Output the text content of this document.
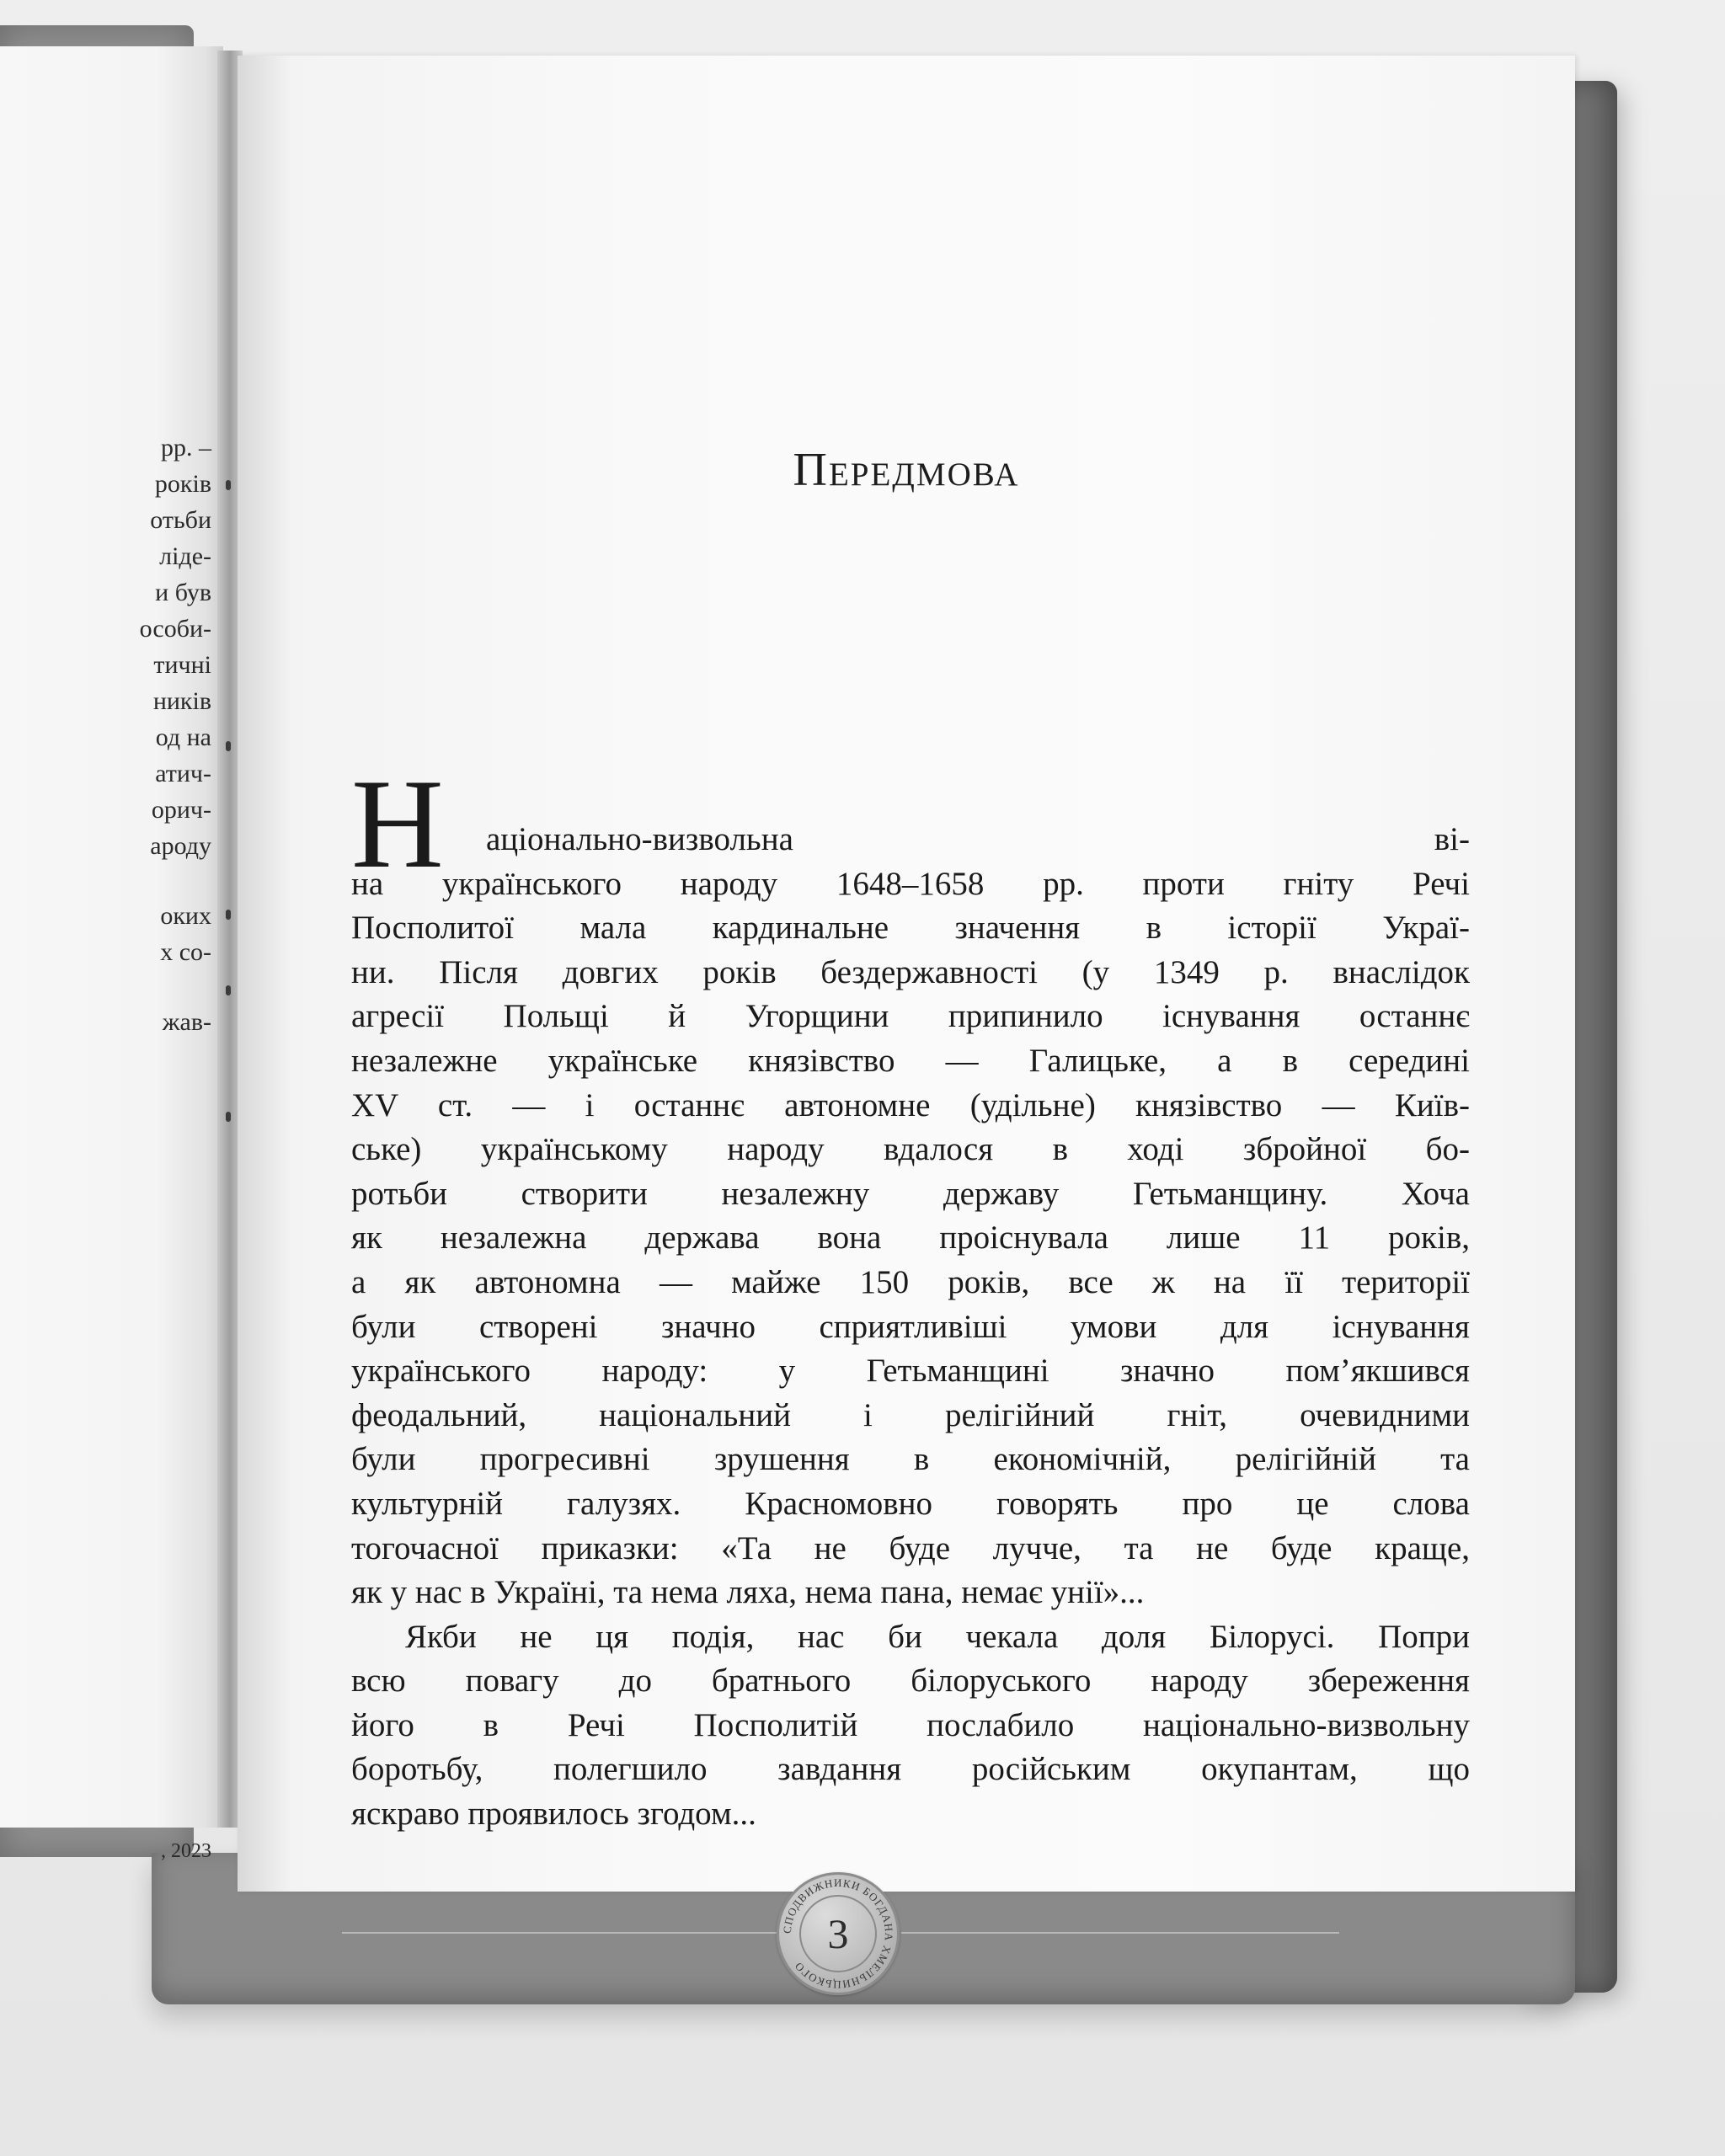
рр. –
років
отьби
ліде-
и був
особи-
тичні
ників
од на
атич-
орич-
ароду
оких
х со-
жав-
, 2023
Передмова
Н	аціонально-визвольна ві-
на українського народу 1648–1658 рр. проти гніту Речі
Посполитої мала кардинальне значення в історії Украї-
ни. Після довгих років бездержавності (у 1349 р. внаслідок
агресії Польщі й Угорщини припинило існування останнє
незалежне українське князівство — Галицьке, а в середині
XV ст. — і останнє автономне (удільне) князівство — Київ-
ське) українському народу вдалося в ході збройної бо-
ротьби створити незалежну державу Гетьманщину. Хоча
як незалежна держава вона проіснувала лише 11 років,
а як автономна — майже 150 років, все ж на її території
були створені значно сприятливіші умови для існування
українського народу: у Гетьманщині значно пом’якшився
феодальний, національний і релігійний гніт, очевидними
були прогресивні зрушення в економічній, релігійній та
культурній галузях. Красномовно говорять про це слова
тогочасної приказки: «Та не буде лучче, та не буде краще,
як у нас в Україні, та нема ляха, нема пана, немає унії»...
Якби не ця подія, нас би чекала доля Білорусі. Попри
всю повагу до братнього білоруського народу збереження
його в Речі Посполитій послабило національно-визвольну
боротьбу, полегшило завдання російським окупантам, що
яскраво проявилось згодом...
СПОДВИЖНИКИ БОГДАНА ХМЕЛЬНИЦЬКОГО
3
